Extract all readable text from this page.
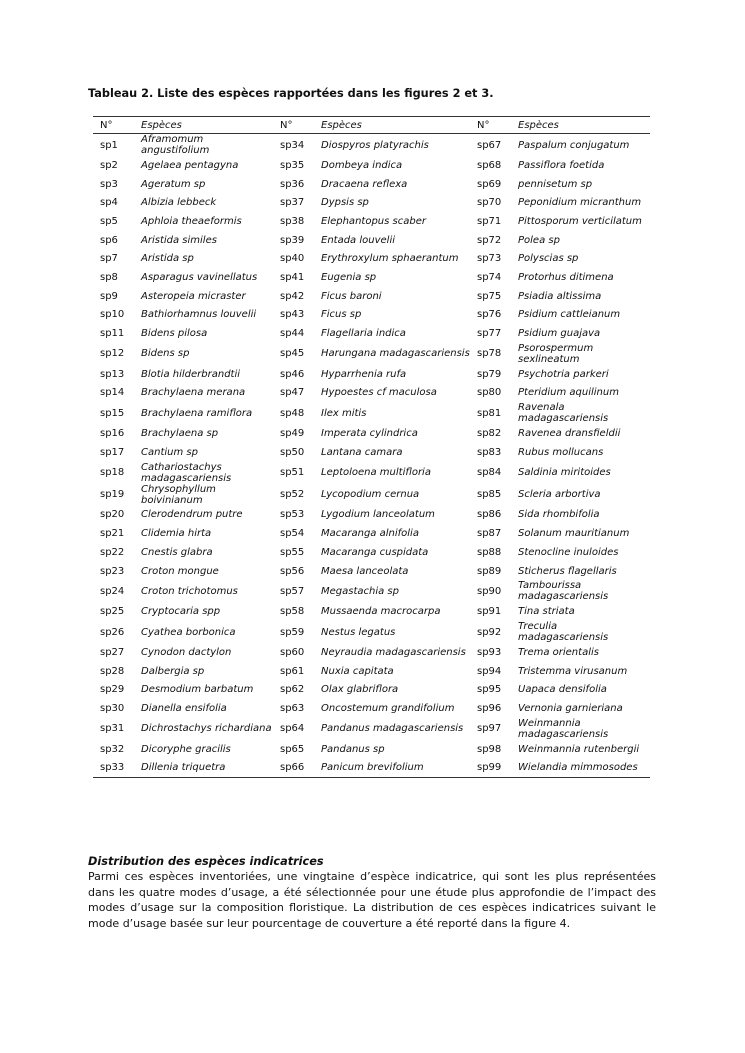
Tableau 2. Liste des espèces rapportées dans les figures 2 et 3.
N°	Espèces	N°	Espèces	N°	Espèces
sp1	Aframomum angustifolium	sp34	Diospyros platyrachis	sp67	Paspalum conjugatum
sp2	Agelaea pentagyna	sp35	Dombeya indica	sp68	Passiflora foetida
sp3	Ageratum sp	sp36	Dracaena reflexa	sp69	pennisetum sp
sp4	Albizia lebbeck	sp37	Dypsis sp	sp70	Peponidium micranthum
sp5	Aphloia theaeformis	sp38	Elephantopus scaber	sp71	Pittosporum verticilatum
sp6	Aristida similes	sp39	Entada louvelii	sp72	Polea sp
sp7	Aristida sp	sp40	Erythroxylum sphaerantum	sp73	Polyscias sp
sp8	Asparagus vavinellatus	sp41	Eugenia sp	sp74	Protorhus ditimena
sp9	Asteropeia micraster	sp42	Ficus baroni	sp75	Psiadia altissima
sp10	Bathiorhamnus louvelii	sp43	Ficus sp	sp76	Psidium cattleianum
sp11	Bidens pilosa	sp44	Flagellaria indica	sp77	Psidium guajava
sp12	Bidens sp	sp45	Harungana madagascariensis	sp78	Psorospermum sexlineatum
sp13	Blotia hilderbrandtii	sp46	Hyparrhenia rufa	sp79	Psychotria parkeri
sp14	Brachylaena merana	sp47	Hypoestes cf maculosa	sp80	Pteridium aquilinum
sp15	Brachylaena ramiflora	sp48	Ilex mitis	sp81	Ravenala madagascariensis
sp16	Brachylaena sp	sp49	Imperata cylindrica	sp82	Ravenea dransfieldii
sp17	Cantium sp	sp50	Lantana camara	sp83	Rubus mollucans
sp18	Cathariostachys madagascariensis	sp51	Leptoloena multifloria	sp84	Saldinia miritoides
sp19	Chrysophyllum boivinianum	sp52	Lycopodium cernua	sp85	Scleria arbortiva
sp20	Clerodendrum putre	sp53	Lygodium lanceolatum	sp86	Sida rhombifolia
sp21	Clidemia hirta	sp54	Macaranga alnifolia	sp87	Solanum mauritianum
sp22	Cnestis glabra	sp55	Macaranga cuspidata	sp88	Stenocline inuloides
sp23	Croton mongue	sp56	Maesa lanceolata	sp89	Sticherus flagellaris
sp24	Croton trichotomus	sp57	Megastachia sp	sp90	Tambourissa madagascariensis
sp25	Cryptocaria spp	sp58	Mussaenda macrocarpa	sp91	Tina striata
sp26	Cyathea borbonica	sp59	Nestus legatus	sp92	Treculia madagascariensis
sp27	Cynodon dactylon	sp60	Neyraudia madagascariensis	sp93	Trema orientalis
sp28	Dalbergia sp	sp61	Nuxia capitata	sp94	Tristemma virusanum
sp29	Desmodium barbatum	sp62	Olax glabriflora	sp95	Uapaca densifolia
sp30	Dianella ensifolia	sp63	Oncostemum grandifolium	sp96	Vernonia garnieriana
sp31	Dichrostachys richardiana	sp64	Pandanus madagascariensis	sp97	Weinmannia madagascariensis
sp32	Dicoryphe gracilis	sp65	Pandanus sp	sp98	Weinmannia rutenbergii
sp33	Dillenia triquetra	sp66	Panicum brevifolium	sp99	Wielandia mimmosodes
Distribution des espèces indicatrices
Parmi ces espèces inventoriées, une vingtaine d’espèce indicatrice, qui sont les plus représentées dans les quatre modes d’usage, a été sélectionnée pour une étude plus approfondie de l’impact des modes d’usage sur la composition floristique. La distribution de ces espèces indicatrices suivant le mode d’usage basée sur leur pourcentage de couverture a été reporté dans la figure 4.
